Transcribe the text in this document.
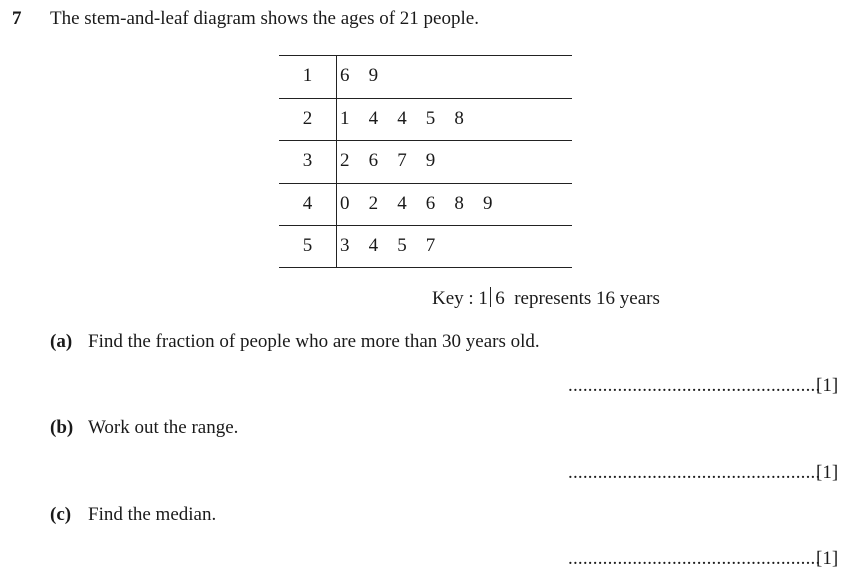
7 The stem-and-leaf diagram shows the ages of 21 people.
1	6 9
2	1 4 4 5 8
3	2 6 7 9
4	0 2 4 6 8 9
5	3 4 5 7
Key : 1 6  represents 16 years
(a) Find the fraction of people who are more than 30 years old.
...................................................
[1]
(b) Work out the range.
...................................................
[1]
(c) Find the median.
...................................................
[1]
